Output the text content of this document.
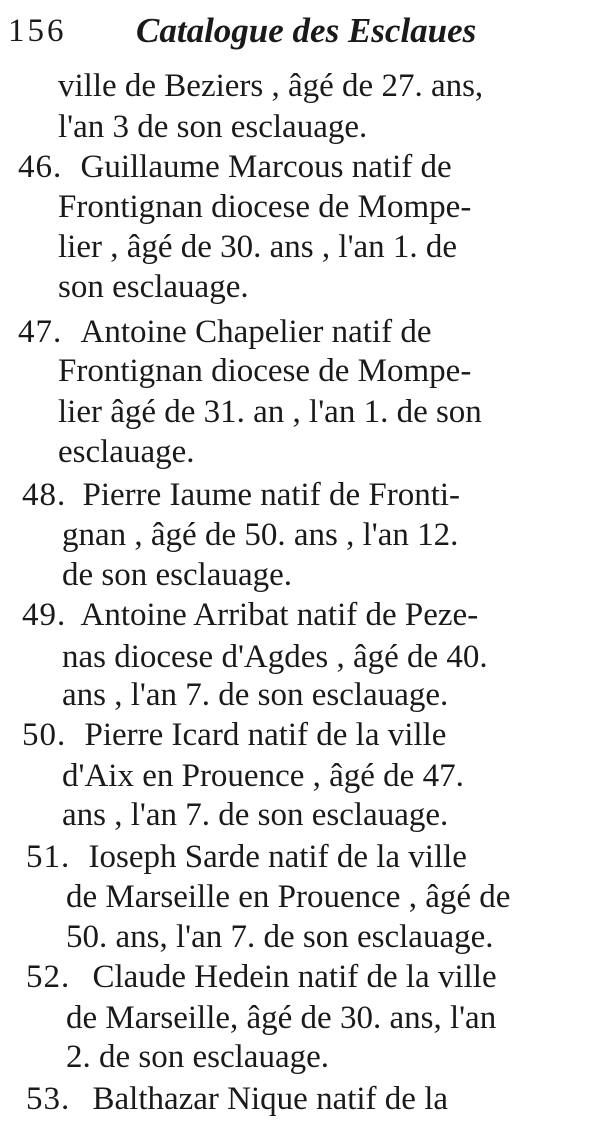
156 Catalogue des Esclaues
ville de Beziers , âgé de 27. ans,
l'an 3 de son esclauage.
46. Guillaume Marcous natif de
Frontignan diocese de Mompe-
lier , âgé de 30. ans , l'an 1. de
son esclauage.
47. Antoine Chapelier natif de
Frontignan diocese de Mompe-
lier âgé de 31. an , l'an 1. de son
esclauage.
48. Pierre Iaume natif de Fronti-
gnan , âgé de 50. ans , l'an 12.
de son esclauage.
49. Antoine Arribat natif de Peze-
nas diocese d'Agdes , âgé de 40.
ans , l'an 7. de son esclauage.
50. Pierre Icard natif de la ville
d'Aix en Prouence , âgé de 47.
ans , l'an 7. de son esclauage.
51. Ioseph Sarde natif de la ville
de Marseille en Prouence , âgé de
50. ans, l'an 7. de son esclauage.
52. Claude Hedein natif de la ville
de Marseille, âgé de 30. ans, l'an
2. de son esclauage.
53. Balthazar Nique natif de la
